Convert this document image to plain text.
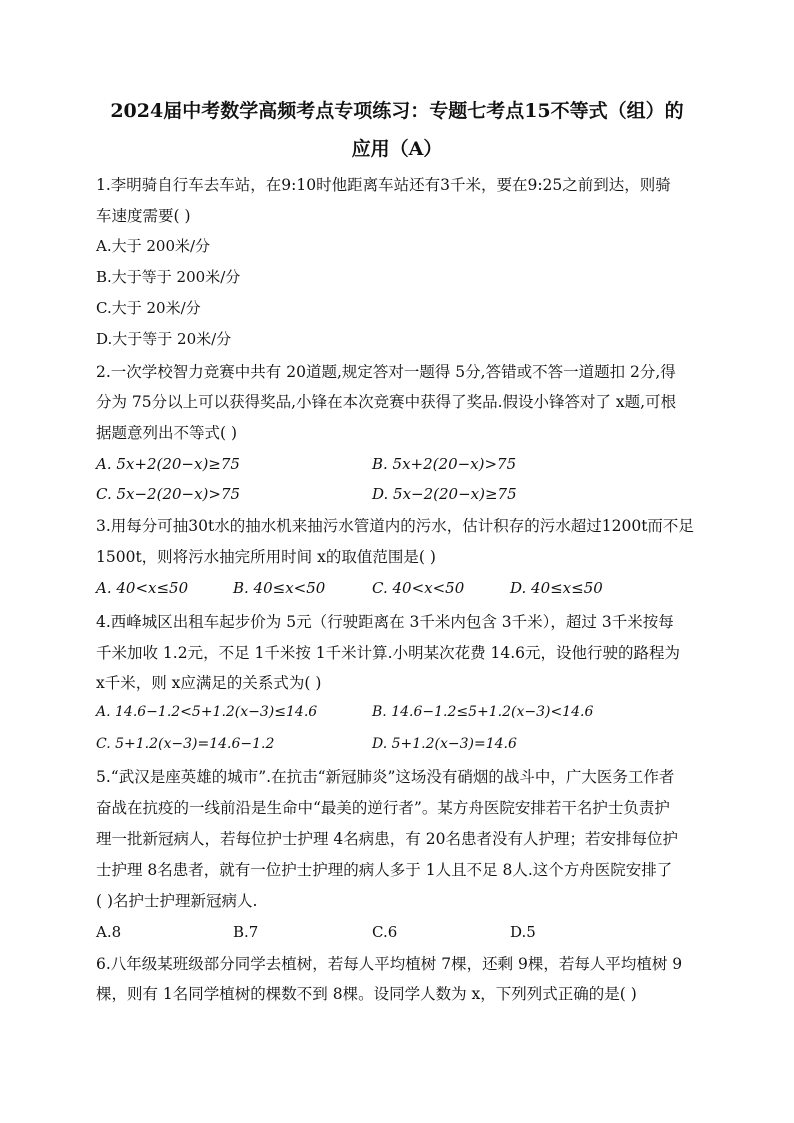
2024届中考数学高频考点专项练习：专题七考点15不等式（组）的
应用（A）
1.李明骑自行车去车站，在9:10时他距离车站还有3千米，要在9:25之前到达，则骑
车速度需要( )
A.大于 200米/分
B.大于等于 200米/分
C.大于 20米/分
D.大于等于 20米/分
2.一次学校智力竞赛中共有 20道题,规定答对一题得 5分,答错或不答一道题扣 2分,得
分为 75分以上可以获得奖品,小锋在本次竞赛中获得了奖品.假设小锋答对了 x题,可根
据题意列出不等式( )
A. 5x+2(20−x)≥75	B. 5x+2(20−x)>75
C. 5x−2(20−x)>75	D. 5x−2(20−x)≥75
3.用每分可抽30t水的抽水机来抽污水管道内的污水，估计积存的污水超过1200t而不足
1500t，则将污水抽完所用时间 x的取值范围是( )
A. 40<x≤50	B. 40≤x<50	C. 40<x<50	D. 40≤x≤50
4.西峰城区出租车起步价为 5元（行驶距离在 3千米内包含 3千米），超过 3千米按每
千米加收 1.2元，不足 1千米按 1千米计算.小明某次花费 14.6元，设他行驶的路程为
x千米，则 x应满足的关系式为( )
A. 14.6−1.2<5+1.2(x−3)≤14.6	B. 14.6−1.2≤5+1.2(x−3)<14.6
C. 5+1.2(x−3)=14.6−1.2	D. 5+1.2(x−3)=14.6
5.“武汉是座英雄的城市”.在抗击“新冠肺炎”这场没有硝烟的战斗中，广大医务工作者
奋战在抗疫的一线前沿是生命中“最美的逆行者”。某方舟医院安排若干名护士负责护
理一批新冠病人，若每位护士护理 4名病患，有 20名患者没有人护理；若安排每位护
士护理 8名患者，就有一位护士护理的病人多于 1人且不足 8人.这个方舟医院安排了
( )名护士护理新冠病人.
A.8	B.7	C.6	D.5
6.八年级某班级部分同学去植树，若每人平均植树 7棵，还剩 9棵，若每人平均植树 9
棵，则有 1名同学植树的棵数不到 8棵。设同学人数为 x，下列列式正确的是( )
